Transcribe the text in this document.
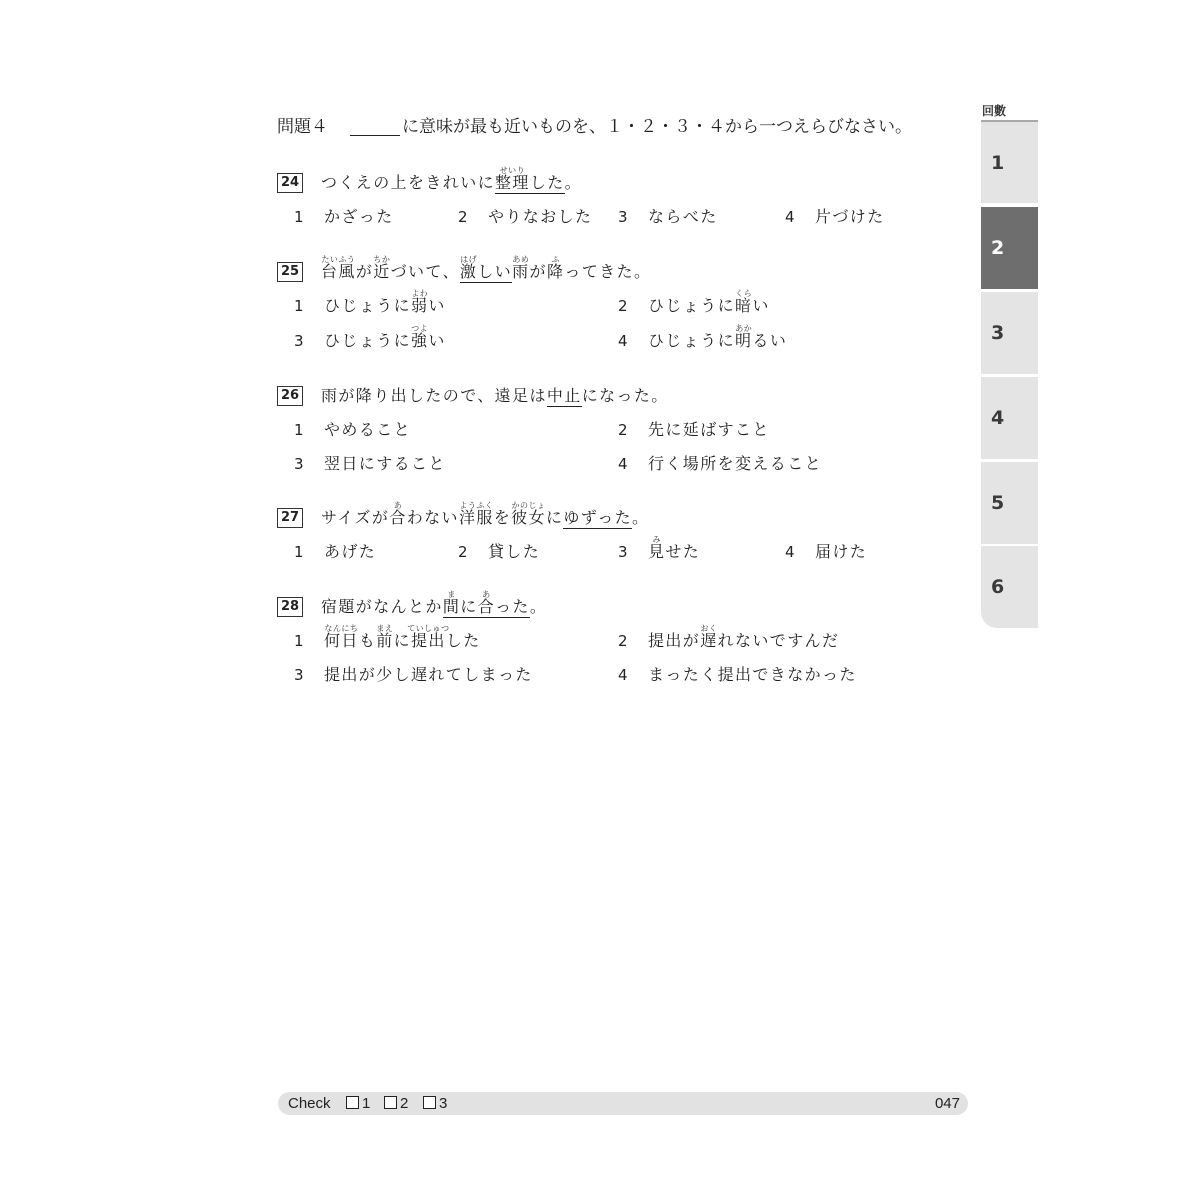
問題４	に意味が最も近いものを、１・２・３・４から一つえらびなさい。
24 つくえの上をきれいに整理
せいり
した。
1 かざった	2 やりなおした 3 ならべた	4 片づけた
25 台風
たいふう
が近
ちか
づいて、激
はげ
しい雨
あめ
が降
ふ
ってきた。
1 ひじょうに弱
よわ
い	2 ひじょうに暗
くら
い
3 ひじょうに強
つよ
い	4 ひじょうに明
あか
るい
26 雨が降り出したので、遠足は中止になった。
1 やめること	2 先に延ばすこと
3 翌日にすること	4 行く場所を変えること
27 サイズが合
あ
わない洋服
ようふく
を彼女
かのじょ
にゆずった。
1 あげた	2 貸した	3 見
み
せた	4 届けた
28 宿題がなんとか間
ま
に合
あ
った。
1 何日
なんにち
も前
まえ
に提出
ていしゅつ
した	2 提出が遅
おく
れないですんだ
3 提出が少し遅れてしまった	4 まったく提出できなかった
回數
1
2
3
4
5
6
Check	1	2	3	047
